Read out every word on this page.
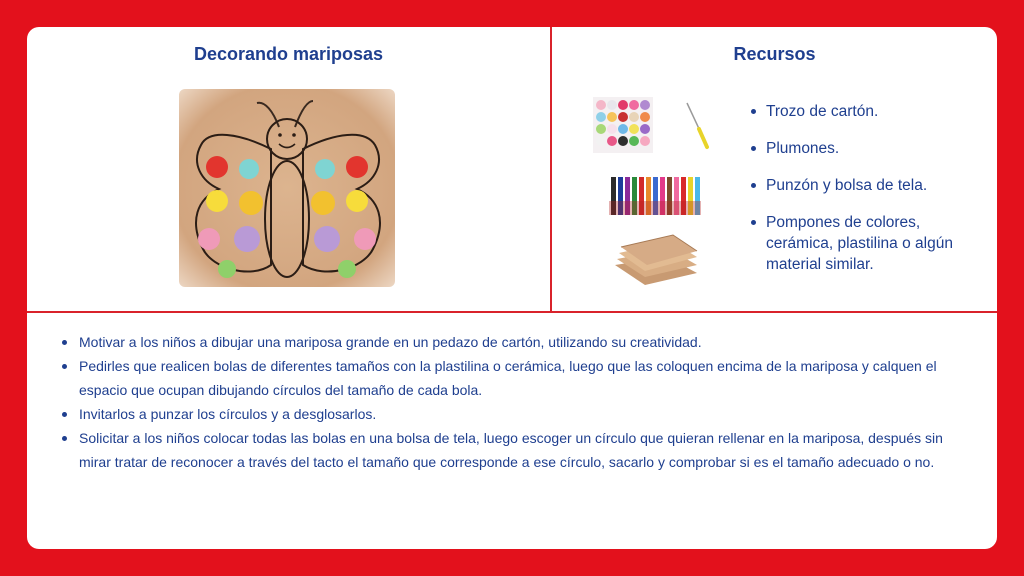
Decorando mariposas	Recursos
Trozo de cartón.
Plumones.
Punzón y bolsa de tela.
Pompones de colores, cerámica, plastilina o algún material similar.
Motivar a los niños a dibujar una mariposa grande en un pedazo de cartón, utilizando su creatividad.
Pedirles que realicen bolas de diferentes tamaños con la plastilina o cerámica, luego que las coloquen encima de la mariposa y calquen el espacio que ocupan dibujando círculos del tamaño de cada bola.
Invitarlos a punzar los círculos y a desglosarlos.
Solicitar a los niños colocar todas las bolas en una bolsa de tela, luego escoger un círculo que quieran rellenar en la mariposa, después sin mirar tratar de reconocer a través del tacto el tamaño que corresponde a ese círculo, sacarlo y comprobar si es el tamaño adecuado o no.
